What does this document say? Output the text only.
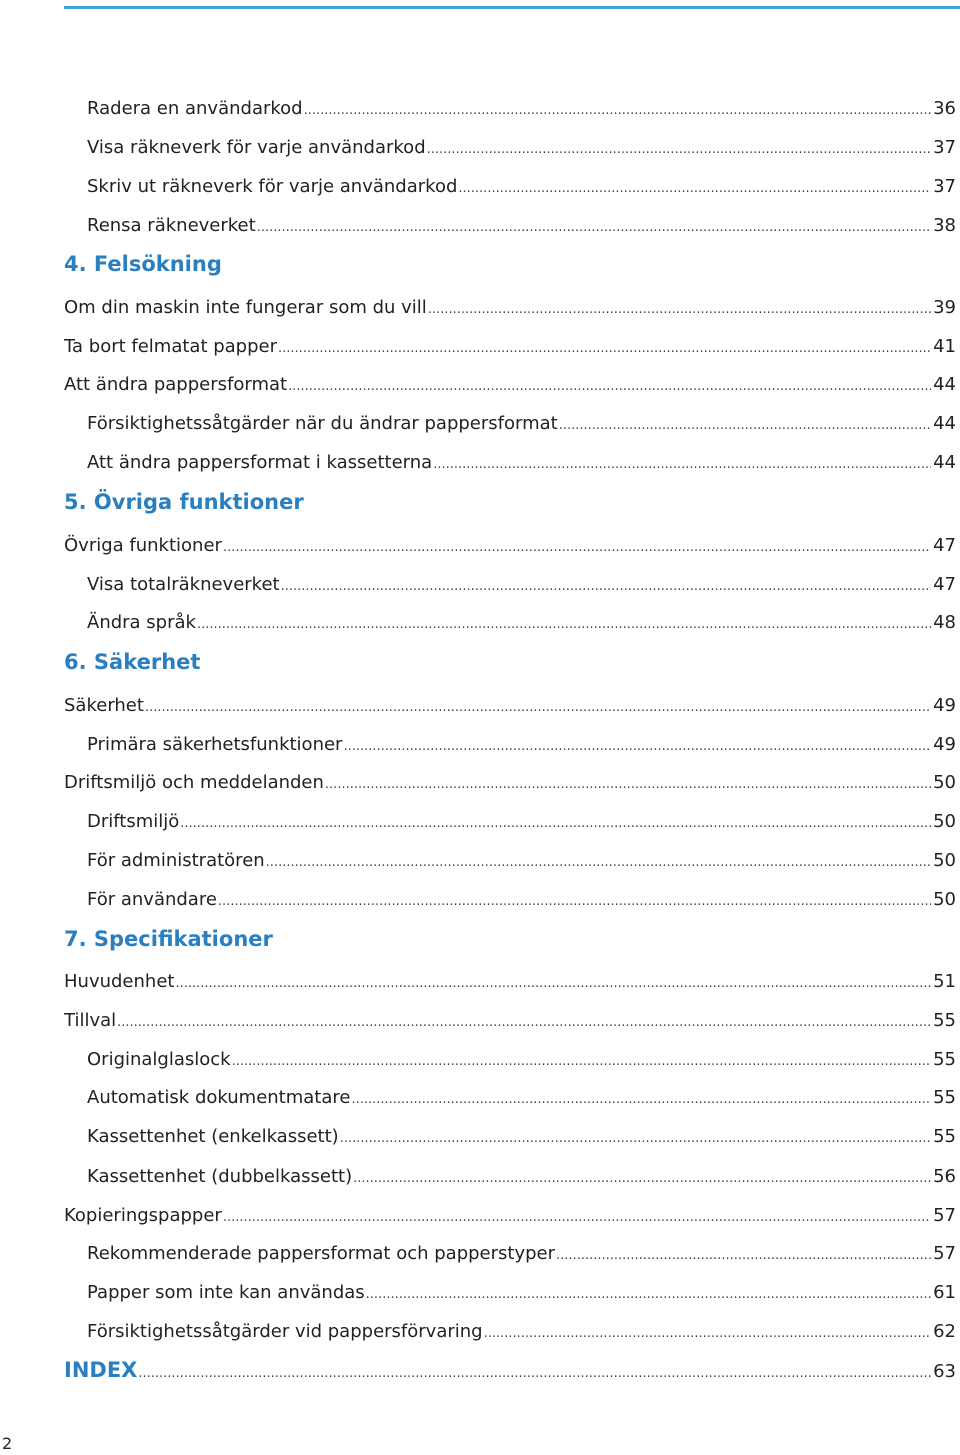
Radera en användarkod .....	36
Visa räkneverk för varje användarkod .....	37
Skriv ut räkneverk för varje användarkod .....	37
Rensa räkneverket .....	38
4. Felsökning
Om din maskin inte fungerar som du vill .....	39
Ta bort felmatat papper .....	41
Att ändra pappersformat .....	44
Försiktighetssåtgärder när du ändrar pappersformat .....	44
Att ändra pappersformat i kassetterna .....	44
5. Övriga funktioner
Övriga funktioner .....	47
Visa totalräkneverket .....	47
Ändra språk .....	48
6. Säkerhet
Säkerhet .....	49
Primära säkerhetsfunktioner .....	49
Driftsmiljö och meddelanden .....	50
Driftsmiljö .....	50
För administratören .....	50
För användare .....	50
7. Specifikationer
Huvudenhet .....	51
Tillval .....	55
Originalglaslock .....	55
Automatisk dokumentmatare .....	55
Kassettenhet (enkelkassett) .....	55
Kassettenhet (dubbelkassett) .....	56
Kopieringspapper .....	57
Rekommenderade pappersformat och papperstyper .....	57
Papper som inte kan användas .....	61
Försiktighetssåtgärder vid pappersförvaring .....	62
INDEX .....	63
2
